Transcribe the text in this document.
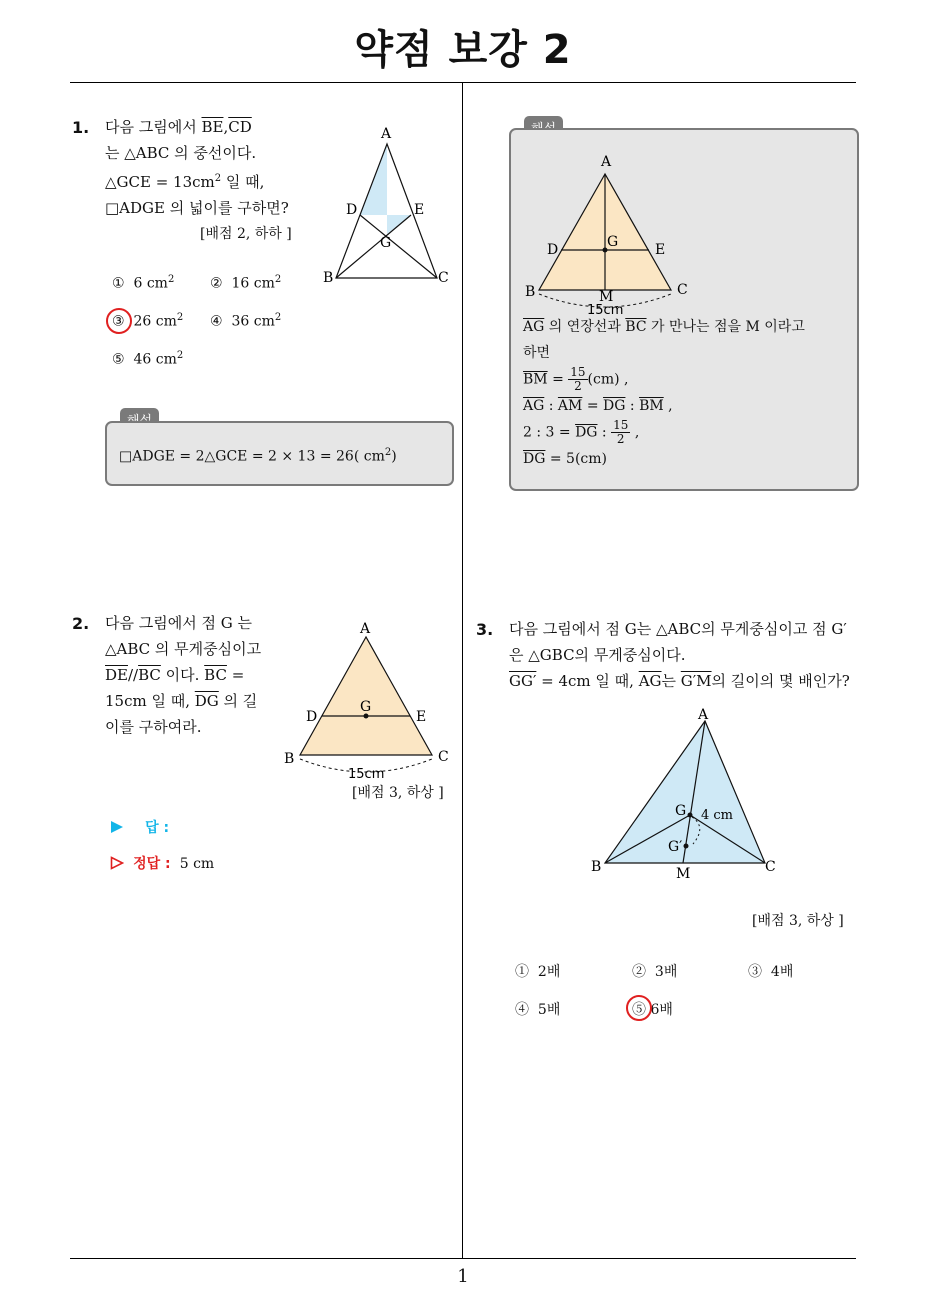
약점 보강 2
1
1. 다음 그림에서 $\overline{BE},\overline{CD}$
는 △ABC 의 중선이다.
△GCE = $13cm^2$ 일 때,
□ADGE 의 넓이를 구하면?
[배점 2, 하하 ]
A
D	E
G
B	C
① 6 $cm^2$	② 16 $cm^2$
③ 26 $cm^2$ ④ 36 $cm^2$
⑤ 46 $cm^2$
□ADGE = 2△GCE = 2 × 13 = 26( $cm^2$)
A
D	E
G
B	C
M
15cm
$\overline{AG}$ 의 연장선과 $\overline{BC}$ 가 만나는 점을 M 이라고
하면
$\overline{BM} = \frac{15}{2} (cm)$ ,
$\overline{AG}$ : $\overline{AM} = \overline{DG}$ : $\overline{BM}$ ,
2 : $3 = \overline{DG}$ : $\frac{15}{2}$ ,
$\overline{DG} = 5(cm)$
2. 다음 그림에서 점 G 는
△ABC 의 무게중심이고
$\overline{DE}//\overline{BC}$ 이다. $\overline{BC}$ =
15cm 일 때, $\overline{DG}$ 의 길
이를 구하여라.
A
D	E
G
B	C
15cm
[배점 3, 하상 ]
답 :
정답 : 5 cm
3. 다음 그림에서 점 G는 △ABC의 무게중심이고 점 G′
은 △GBC의 무게중심이다.
GG′ = 4cm 일 때, $\overline{AG}$는 G′M의 길이의 몇 배인가?
A
G 4 cm
G′
B	C
M
[배점 3, 하상 ]
① 2배	② 3배	③ 4배
④ 5배	⑤ 6배
